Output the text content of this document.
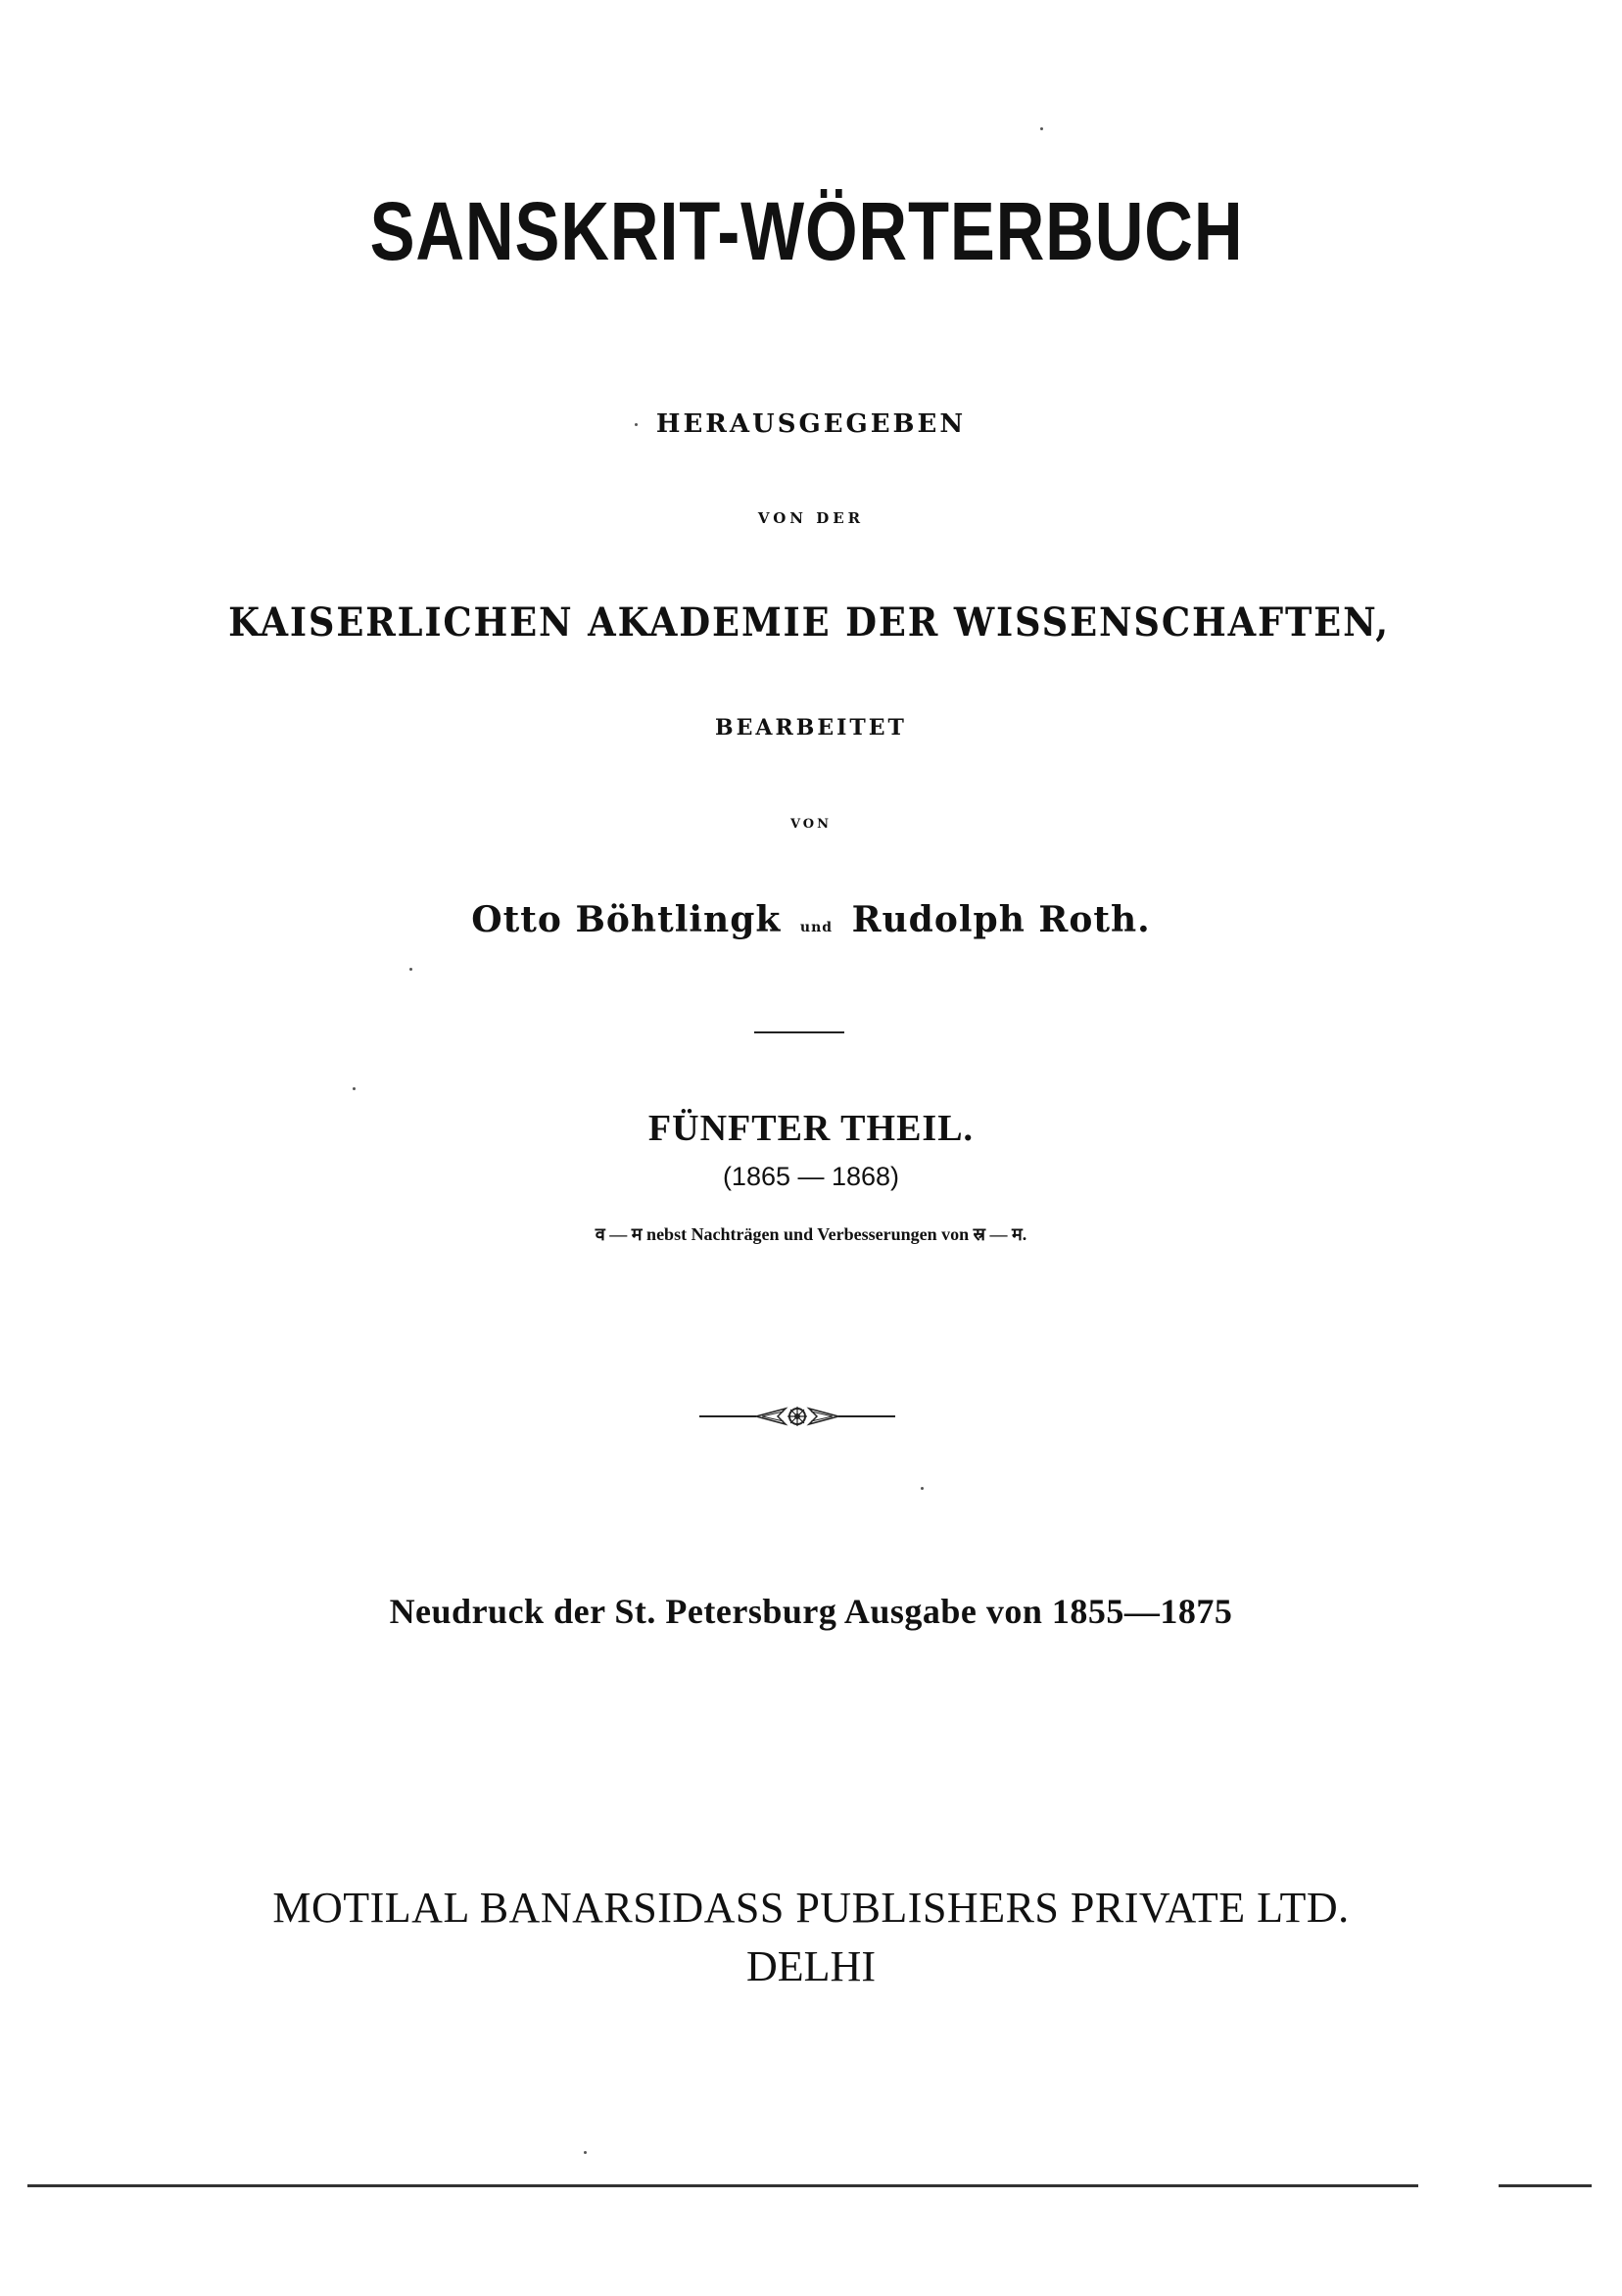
SANSKRIT-WÖRTERBUCH
HERAUSGEGEBEN
VON DER
KAISERLICHEN AKADEMIE DER WISSENSCHAFTEN,
BEARBEITET
VON
Otto Böhtlingk und Rudolph Roth.
FÜNFTER THEIL.
(1865 — 1868)
व — म nebst Nachträgen und Verbesserungen von स्र — म.
Neudruck der St. Petersburg Ausgabe von 1855—1875
MOTILAL BANARSIDASS PUBLISHERS PRIVATE LTD.
DELHI
